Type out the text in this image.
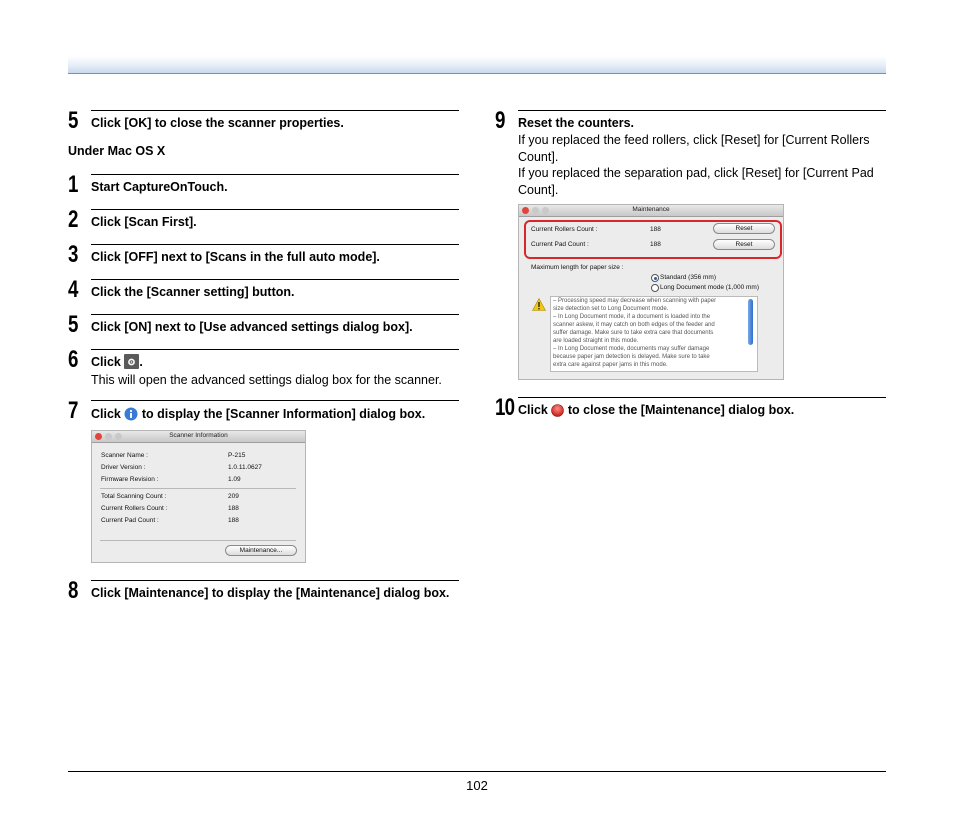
5 Click [OK] to close the scanner properties.
Under Mac OS X
1 Start CaptureOnTouch.
2 Click [Scan First].
3 Click [OFF] next to [Scans in the full auto mode].
4 Click the [Scanner setting] button.
5 Click [ON] next to [Use advanced settings dialog box].
6 Click .
This will open the advanced settings dialog box for the scanner.
7 Click to display the [Scanner Information] dialog box.
Scanner Information
Scanner Name :	P-215
Driver Version :	1.0.11.0627
Firmware Revision :	1.09
Total Scanning Count :	209
Current Rollers Count :	188
Current Pad Count :	188
Maintenance...
8 Click [Maintenance] to display the [Maintenance] dialog box.
9 Reset the counters.
If you replaced the feed rollers, click [Reset] for [Current Rollers Count].
If you replaced the separation pad, click [Reset] for [Current Pad Count].
Maintenance
Current Rollers Count :	188	Reset
Current Pad Count :	188	Reset
Maximum length for paper size :
Standard (356 mm)
Long Document mode (1,000 mm)
– Processing speed may decrease when scanning with paper
size detection set to Long Document mode.
– In Long Document mode, if a document is loaded into the
scanner askew, it may catch on both edges of the feeder and
suffer damage. Make sure to take extra care that documents
are loaded straight in this mode.
– In Long Document mode, documents may suffer damage
because paper jam detection is delayed. Make sure to take
extra care against paper jams in this mode.
10 Click to close the [Maintenance] dialog box.
102
